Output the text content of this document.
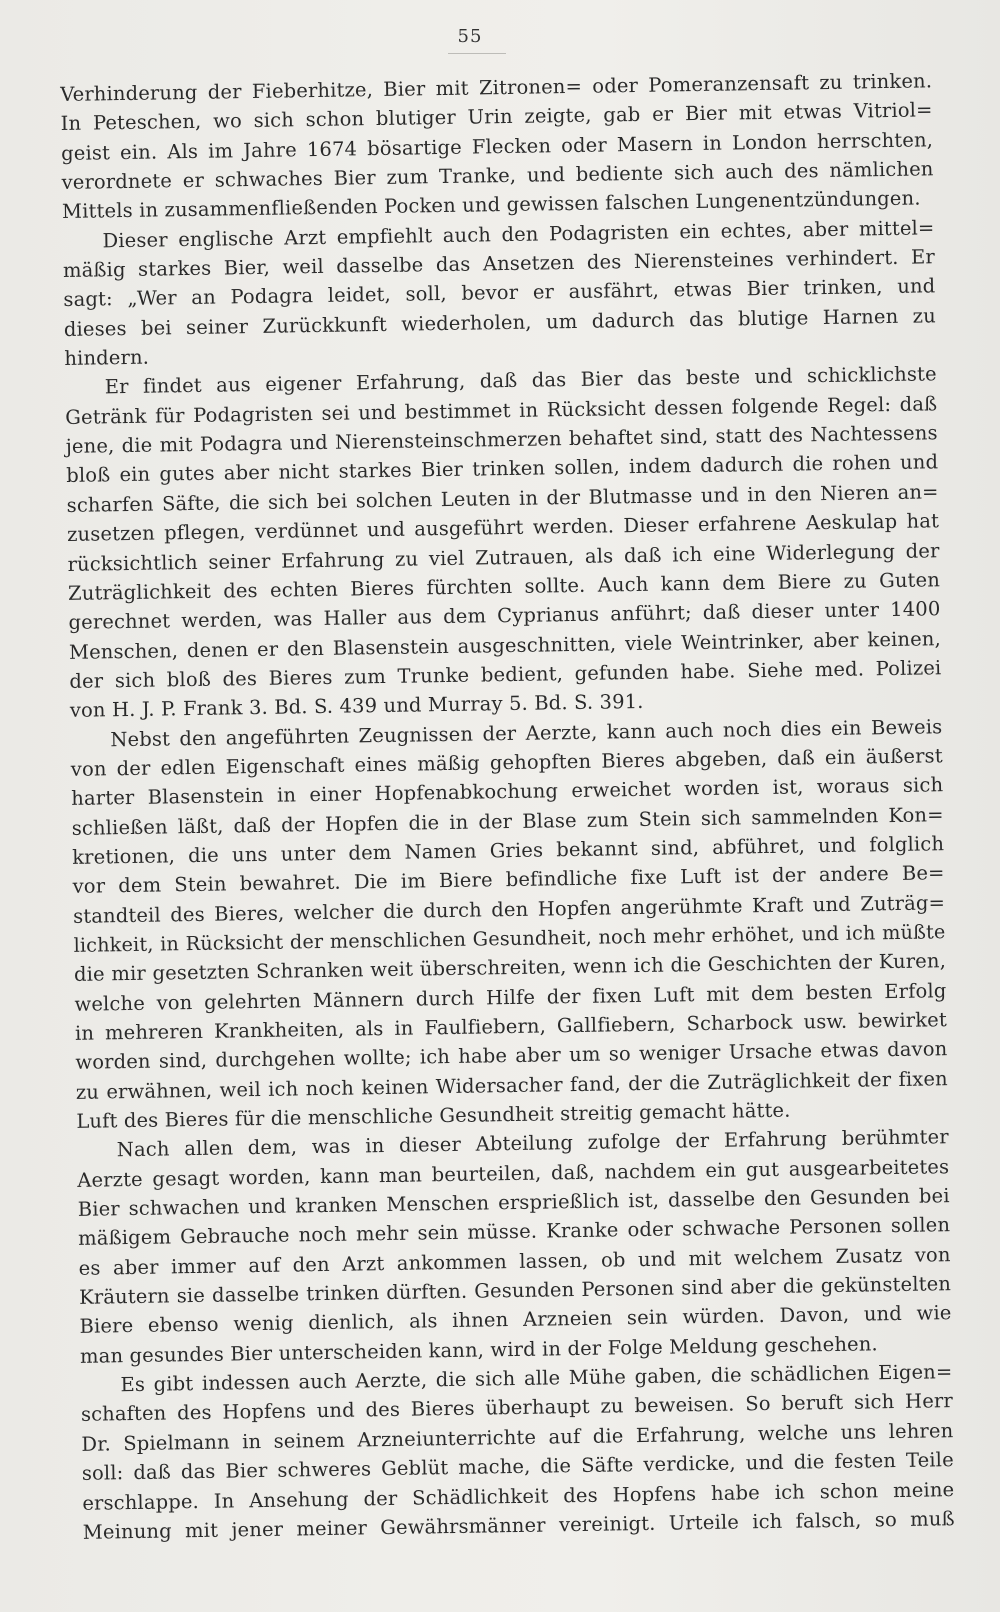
55
Verhinderung der Fieberhitze, Bier mit Zitronen= oder Pomeranzensaft zu trinken.
In Peteschen, wo sich schon blutiger Urin zeigte, gab er Bier mit etwas Vitriol=
geist ein. Als im Jahre 1674 bösartige Flecken oder Masern in London herrschten,
verordnete er schwaches Bier zum Tranke, und bediente sich auch des nämlichen
Mittels in zusammenfließenden Pocken und gewissen falschen Lungenentzündungen.
Dieser englische Arzt empfiehlt auch den Podagristen ein echtes, aber mittel=
mäßig starkes Bier, weil dasselbe das Ansetzen des Nierensteines verhindert. Er
sagt: „Wer an Podagra leidet, soll, bevor er ausfährt, etwas Bier trinken, und
dieses bei seiner Zurückkunft wiederholen, um dadurch das blutige Harnen zu
hindern.
Er findet aus eigener Erfahrung, daß das Bier das beste und schicklichste
Getränk für Podagristen sei und bestimmet in Rücksicht dessen folgende Regel: daß
jene, die mit Podagra und Nierensteinschmerzen behaftet sind, statt des Nachtessens
bloß ein gutes aber nicht starkes Bier trinken sollen, indem dadurch die rohen und
scharfen Säfte, die sich bei solchen Leuten in der Blutmasse und in den Nieren an=
zusetzen pflegen, verdünnet und ausgeführt werden. Dieser erfahrene Aeskulap hat
rücksichtlich seiner Erfahrung zu viel Zutrauen, als daß ich eine Widerlegung der
Zuträglichkeit des echten Bieres fürchten sollte. Auch kann dem Biere zu Guten
gerechnet werden, was Haller aus dem Cyprianus anführt; daß dieser unter 1400
Menschen, denen er den Blasenstein ausgeschnitten, viele Weintrinker, aber keinen,
der sich bloß des Bieres zum Trunke bedient, gefunden habe. Siehe med. Polizei
von H. J. P. Frank 3. Bd. S. 439 und Murray 5. Bd. S. 391.
Nebst den angeführten Zeugnissen der Aerzte, kann auch noch dies ein Beweis
von der edlen Eigenschaft eines mäßig gehopften Bieres abgeben, daß ein äußerst
harter Blasenstein in einer Hopfenabkochung erweichet worden ist, woraus sich
schließen läßt, daß der Hopfen die in der Blase zum Stein sich sammelnden Kon=
kretionen, die uns unter dem Namen Gries bekannt sind, abführet, und folglich
vor dem Stein bewahret. Die im Biere befindliche fixe Luft ist der andere Be=
standteil des Bieres, welcher die durch den Hopfen angerühmte Kraft und Zuträg=
lichkeit, in Rücksicht der menschlichen Gesundheit, noch mehr erhöhet, und ich müßte
die mir gesetzten Schranken weit überschreiten, wenn ich die Geschichten der Kuren,
welche von gelehrten Männern durch Hilfe der fixen Luft mit dem besten Erfolg
in mehreren Krankheiten, als in Faulfiebern, Gallfiebern, Scharbock usw. bewirket
worden sind, durchgehen wollte; ich habe aber um so weniger Ursache etwas davon
zu erwähnen, weil ich noch keinen Widersacher fand, der die Zuträglichkeit der fixen
Luft des Bieres für die menschliche Gesundheit streitig gemacht hätte.
Nach allen dem, was in dieser Abteilung zufolge der Erfahrung berühmter
Aerzte gesagt worden, kann man beurteilen, daß, nachdem ein gut ausgearbeitetes
Bier schwachen und kranken Menschen ersprießlich ist, dasselbe den Gesunden bei
mäßigem Gebrauche noch mehr sein müsse. Kranke oder schwache Personen sollen
es aber immer auf den Arzt ankommen lassen, ob und mit welchem Zusatz von
Kräutern sie dasselbe trinken dürften. Gesunden Personen sind aber die gekünstelten
Biere ebenso wenig dienlich, als ihnen Arzneien sein würden. Davon, und wie
man gesundes Bier unterscheiden kann, wird in der Folge Meldung geschehen.
Es gibt indessen auch Aerzte, die sich alle Mühe gaben, die schädlichen Eigen=
schaften des Hopfens und des Bieres überhaupt zu beweisen. So beruft sich Herr
Dr. Spielmann in seinem Arzneiunterrichte auf die Erfahrung, welche uns lehren
soll: daß das Bier schweres Geblüt mache, die Säfte verdicke, und die festen Teile
erschlappe. In Ansehung der Schädlichkeit des Hopfens habe ich schon meine
Meinung mit jener meiner Gewährsmänner vereinigt. Urteile ich falsch, so muß
